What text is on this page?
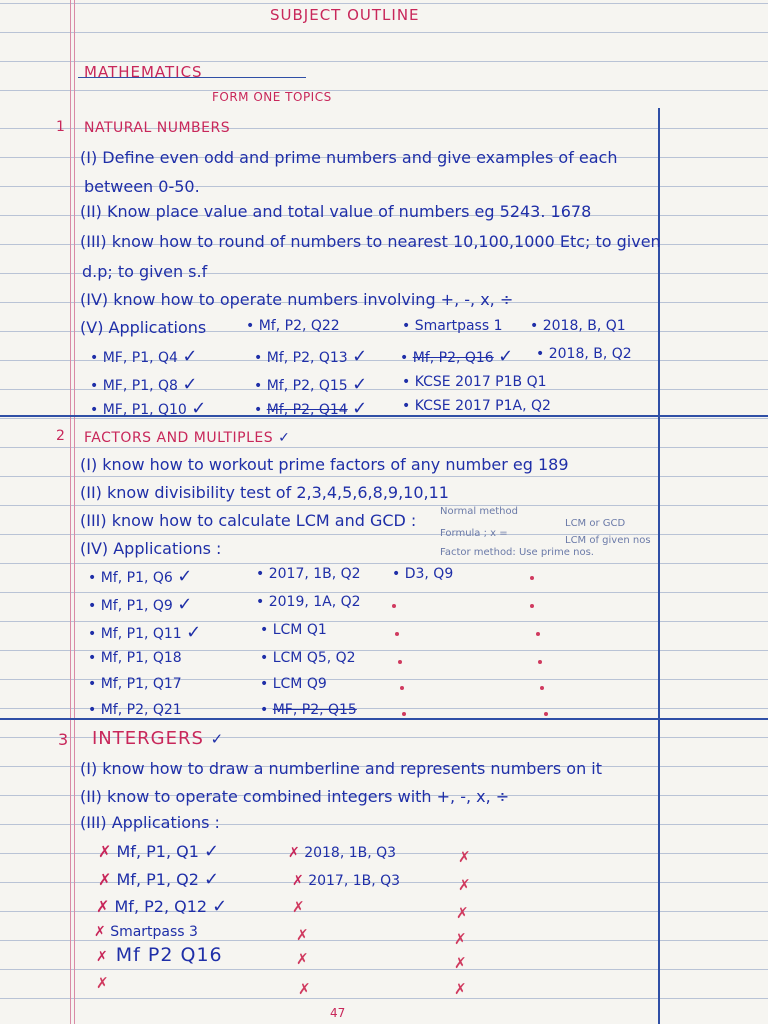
SUBJECT OUTLINE
MATHEMATICS
FORM ONE TOPICS
1 NATURAL NUMBERS
(I) Define even odd and prime numbers and give examples of each
between 0-50.
(II) Know place value and total value of numbers eg 5243. 1678
(III) know how to round of numbers to nearest 10,100,1000 Etc; to given
d.p; to given s.f
(IV) know how to operate numbers involving +, -, x, ÷
(V) Applications	• Mf, P2, Q22	• Smartpass 1 • 2018, B, Q1
• MF, P1, Q4 ✓	• Mf, P2, Q13 ✓ • Mf, P2, Q16 ✓ • 2018, B, Q2
• MF, P1, Q8 ✓	• Mf, P2, Q15 ✓ • KCSE 2017 P1B Q1
• MF, P1, Q10 ✓	• Mf, P2, Q14 ✓ • KCSE 2017 P1A, Q2
2 FACTORS AND MULTIPLES ✓
(I) know how to workout prime factors of any number eg 189
(II) know divisibility test of 2,3,4,5,6,8,9,10,11
(III) know how to calculate LCM and GCD : Normal method
Formula ; x =
LCM or GCD
LCM of given nos
Factor method: Use prime nos.
(IV) Applications :
• Mf, P1, Q6 ✓	• 2017, 1B, Q2 • D3, Q9
• Mf, P1, Q9 ✓	• 2019, 1A, Q2
• Mf, P1, Q11 ✓	• LCM Q1
• Mf, P1, Q18	• LCM Q5, Q2
• Mf, P1, Q17	• LCM Q9
• Mf, P2, Q21	• MF, P2, Q15
3 INTERGERS ✓
(I) know how to draw a numberline and represents numbers on it
(II) know to operate combined integers with +, -, x, ÷
(III) Applications :
✗ Mf, P1, Q1 ✓	✗ 2018, 1B, Q3
✗ Mf, P1, Q2 ✓	✗ 2017, 1B, Q3
✗ Mf, P2, Q12 ✓
✗ Smartpass 3
✗ Mf P2 Q16
✗
✗
✗	✗
✗	✗
✗	✗
✗	✗	✗
47
